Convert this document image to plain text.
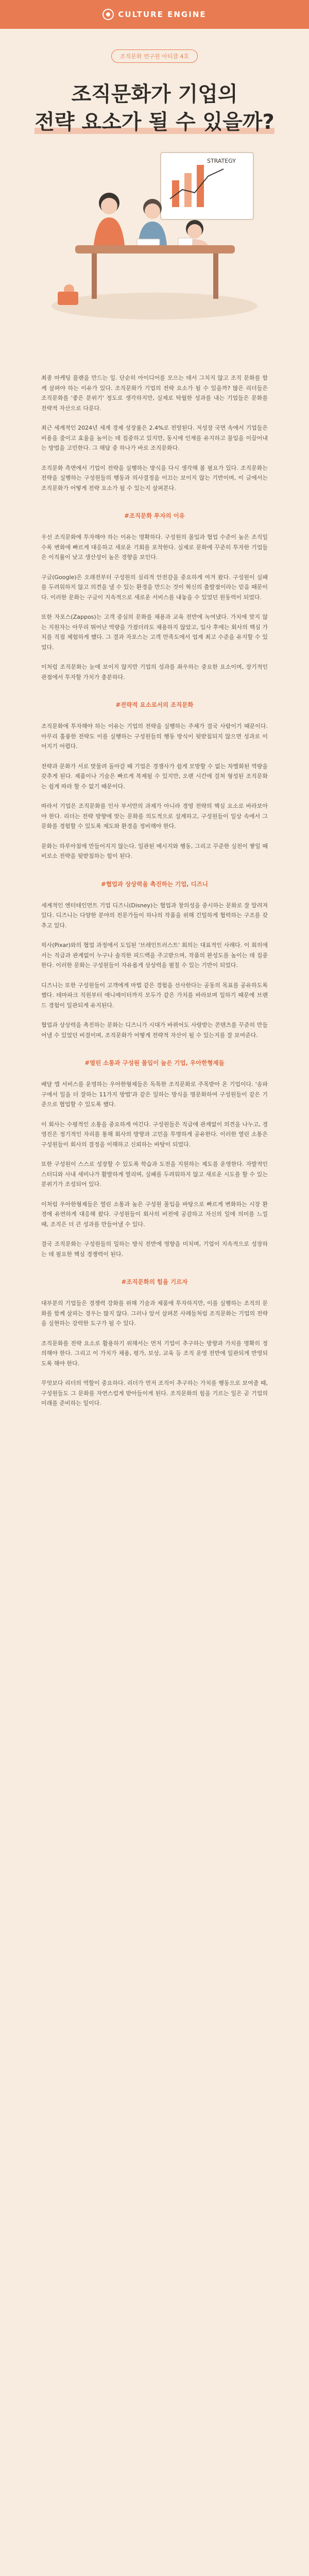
CULTURE ENGINE
조직문화 연구원 아티클 4호
조직문화가 기업의
전략 요소가 될 수 있을까?
STRATEGY

최종 마케팅 플랜을 만드는 일. 단순히 아이디어를 모으는 데서 그치지 않고 조직 문화를 함께 살펴야 하는 이유가 있다. 조직문화가 기업의 전략 요소가 될 수 있을까? 많은 리더들은 조직문화를 '좋은 분위기' 정도로 생각하지만, 실제로 탁월한 성과를 내는 기업들은 문화를 전략적 자산으로 다룬다.

최근 세계적인 2024년 세계 경제 성장률은 2.4%로 전망된다. 저성장 국면 속에서 기업들은 비용을 줄이고 효율을 높이는 데 집중하고 있지만, 동시에 인재를 유지하고 몰입을 이끌어내는 방법을 고민한다. 그 해답 중 하나가 바로 조직문화다.

조직문화 측면에서 기업이 전략을 실행하는 방식을 다시 생각해 볼 필요가 있다. 조직문화는 전략을 실행하는 구성원들의 행동과 의사결정을 이끄는 보이지 않는 기반이며, 이 글에서는 조직문화가 어떻게 전략 요소가 될 수 있는지 살펴본다.

#조직문화 투자의 이유

우선 조직문화에 투자해야 하는 이유는 명확하다. 구성원의 몰입과 협업 수준이 높은 조직일수록 변화에 빠르게 대응하고 새로운 기회를 포착한다. 실제로 문화에 꾸준히 투자한 기업들은 이직률이 낮고 생산성이 높은 경향을 보인다.

구글(Google)은 오래전부터 구성원의 심리적 안전감을 중요하게 여겨 왔다. 구성원이 실패를 두려워하지 않고 의견을 낼 수 있는 환경을 만드는 것이 혁신의 출발점이라는 믿음 때문이다. 이러한 문화는 구글이 지속적으로 새로운 서비스를 내놓을 수 있었던 원동력이 되었다.

또한 자포스(Zappos)는 고객 중심의 문화를 채용과 교육 전반에 녹여냈다. 가치에 맞지 않는 지원자는 아무리 뛰어난 역량을 가졌더라도 채용하지 않았고, 입사 후에는 회사의 핵심 가치를 직접 체험하게 했다. 그 결과 자포스는 고객 만족도에서 업계 최고 수준을 유지할 수 있었다.

이처럼 조직문화는 눈에 보이지 않지만 기업의 성과를 좌우하는 중요한 요소이며, 장기적인 관점에서 투자할 가치가 충분하다.

#전략적 요소로서의 조직문화

조직문화에 투자해야 하는 이유는 기업의 전략을 실행하는 주체가 결국 사람이기 때문이다. 아무리 훌륭한 전략도 이를 실행하는 구성원들의 행동 방식이 뒷받침되지 않으면 성과로 이어지기 어렵다.

전략과 문화가 서로 맞물려 돌아갈 때 기업은 경쟁사가 쉽게 모방할 수 없는 차별화된 역량을 갖추게 된다. 제품이나 기술은 빠르게 복제될 수 있지만, 오랜 시간에 걸쳐 형성된 조직문화는 쉽게 따라 할 수 없기 때문이다.

따라서 기업은 조직문화를 인사 부서만의 과제가 아니라 경영 전략의 핵심 요소로 바라보아야 한다. 리더는 전략 방향에 맞는 문화를 의도적으로 설계하고, 구성원들이 일상 속에서 그 문화를 경험할 수 있도록 제도와 환경을 정비해야 한다.

문화는 하루아침에 만들어지지 않는다. 일관된 메시지와 행동, 그리고 꾸준한 실천이 쌓일 때 비로소 전략을 뒷받침하는 힘이 된다.

#협업과 상상력을 촉진하는 기업, 디즈니

세계적인 엔터테인먼트 기업 디즈니(Disney)는 협업과 창의성을 중시하는 문화로 잘 알려져 있다. 디즈니는 다양한 분야의 전문가들이 하나의 작품을 위해 긴밀하게 협력하는 구조를 갖추고 있다.

픽사(Pixar)와의 협업 과정에서 도입된 '브레인트러스트' 회의는 대표적인 사례다. 이 회의에서는 직급과 관계없이 누구나 솔직한 피드백을 주고받으며, 작품의 완성도를 높이는 데 집중한다. 이러한 문화는 구성원들이 자유롭게 상상력을 펼칠 수 있는 기반이 되었다.

디즈니는 또한 구성원들이 고객에게 마법 같은 경험을 선사한다는 공동의 목표를 공유하도록 했다. 테마파크 직원부터 애니메이터까지 모두가 같은 가치를 바라보며 일하기 때문에 브랜드 경험이 일관되게 유지된다.

협업과 상상력을 촉진하는 문화는 디즈니가 시대가 바뀌어도 사랑받는 콘텐츠를 꾸준히 만들어낼 수 있었던 비결이며, 조직문화가 어떻게 전략적 자산이 될 수 있는지를 잘 보여준다.

#열린 소통과 구성원 몰입이 높은 기업, 우아한형제들

배달 앱 서비스를 운영하는 우아한형제들은 독특한 조직문화로 주목받아 온 기업이다. '송파구에서 일을 더 잘하는 11가지 방법'과 같은 일하는 방식을 명문화하여 구성원들이 같은 기준으로 협업할 수 있도록 했다.

이 회사는 수평적인 소통을 중요하게 여긴다. 구성원들은 직급에 관계없이 의견을 나누고, 경영진은 정기적인 자리를 통해 회사의 방향과 고민을 투명하게 공유한다. 이러한 열린 소통은 구성원들이 회사의 결정을 이해하고 신뢰하는 바탕이 되었다.

또한 구성원이 스스로 성장할 수 있도록 학습과 도전을 지원하는 제도를 운영한다. 자발적인 스터디와 사내 세미나가 활발하게 열리며, 실패를 두려워하지 않고 새로운 시도를 할 수 있는 분위기가 조성되어 있다.

이처럼 우아한형제들은 열린 소통과 높은 구성원 몰입을 바탕으로 빠르게 변화하는 시장 환경에 유연하게 대응해 왔다. 구성원들이 회사의 비전에 공감하고 자신의 일에 의미를 느낄 때, 조직은 더 큰 성과를 만들어낼 수 있다.

결국 조직문화는 구성원들의 일하는 방식 전반에 영향을 미치며, 기업이 지속적으로 성장하는 데 필요한 핵심 경쟁력이 된다.

#조직문화의 힘을 기르자

대부분의 기업들은 경쟁력 강화를 위해 기술과 제품에 투자하지만, 이를 실행하는 조직의 문화를 함께 살피는 경우는 많지 않다. 그러나 앞서 살펴본 사례들처럼 조직문화는 기업의 전략을 실현하는 강력한 도구가 될 수 있다.

조직문화를 전략 요소로 활용하기 위해서는 먼저 기업이 추구하는 방향과 가치를 명확히 정의해야 한다. 그리고 이 가치가 채용, 평가, 보상, 교육 등 조직 운영 전반에 일관되게 반영되도록 해야 한다.

무엇보다 리더의 역할이 중요하다. 리더가 먼저 조직이 추구하는 가치를 행동으로 보여줄 때, 구성원들도 그 문화를 자연스럽게 받아들이게 된다. 조직문화의 힘을 기르는 일은 곧 기업의 미래를 준비하는 일이다.
